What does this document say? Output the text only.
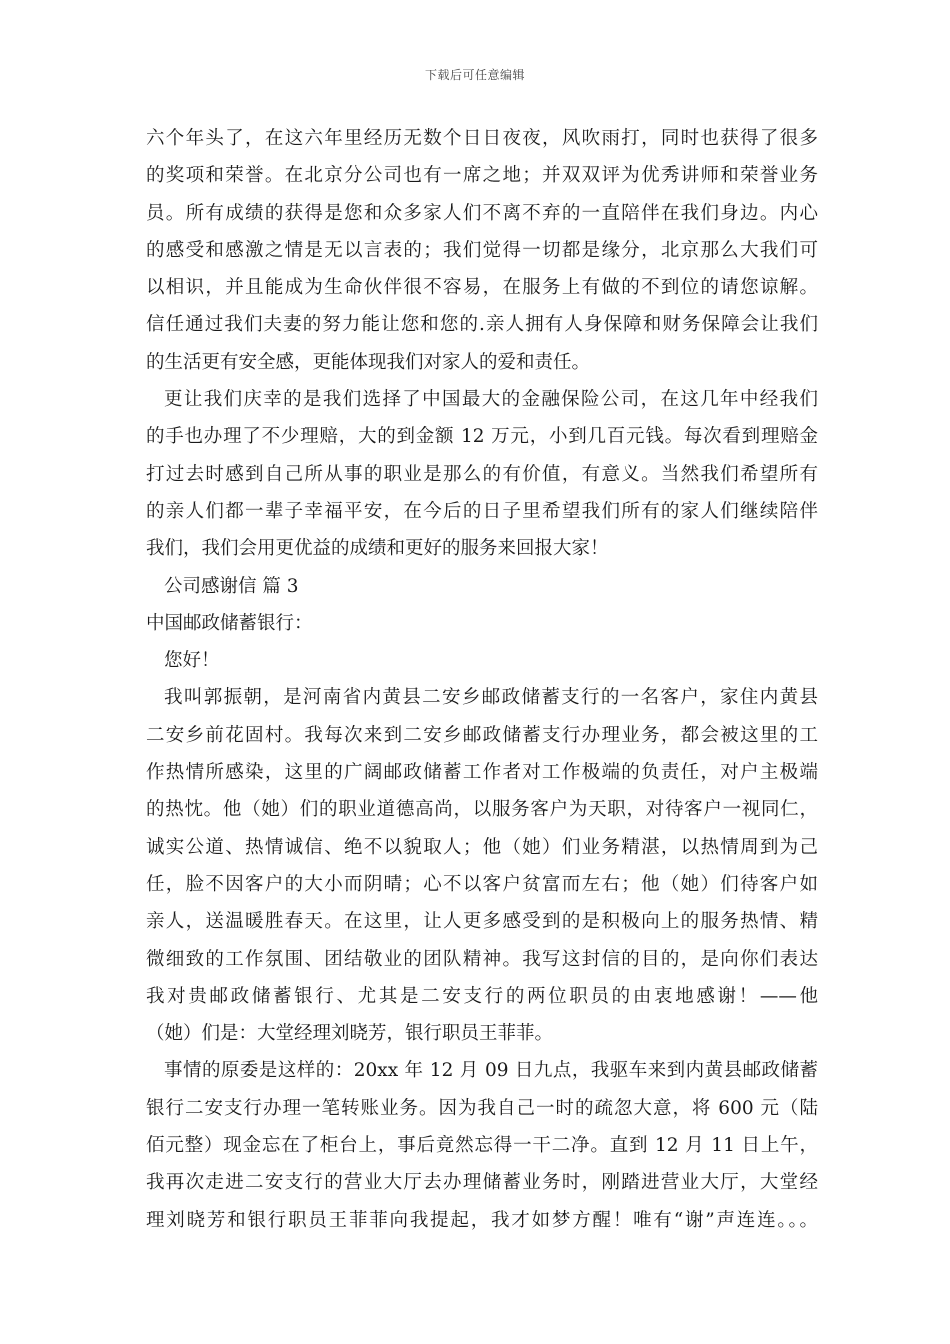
下载后可任意编辑
六个年头了，在这六年里经历无数个日日夜夜，风吹雨打，同时也获得了很多
的奖项和荣誉。在北京分公司也有一席之地；并双双评为优秀讲师和荣誉业务
员。所有成绩的获得是您和众多家人们不离不弃的一直陪伴在我们身边。内心
的感受和感激之情是无以言表的；我们觉得一切都是缘分，北京那么大我们可
以相识，并且能成为生命伙伴很不容易，在服务上有做的不到位的请您谅解。
信任通过我们夫妻的努力能让您和您的.亲人拥有人身保障和财务保障会让我们
的生活更有安全感，更能体现我们对家人的爱和责任。
更让我们庆幸的是我们选择了中国最大的金融保险公司，在这几年中经我们
的手也办理了不少理赔，大的到金额 12 万元，小到几百元钱。每次看到理赔金
打过去时感到自己所从事的职业是那么的有价值，有意义。当然我们希望所有
的亲人们都一辈子幸福平安，在今后的日子里希望我们所有的家人们继续陪伴
我们，我们会用更优益的成绩和更好的服务来回报大家！
公司感谢信 篇 3
中国邮政储蓄银行：
您好！
我叫郭振朝，是河南省内黄县二安乡邮政储蓄支行的一名客户，家住内黄县
二安乡前花固村。我每次来到二安乡邮政储蓄支行办理业务，都会被这里的工
作热情所感染，这里的广阔邮政储蓄工作者对工作极端的负责任，对户主极端
的热忱。他（她）们的职业道德高尚，以服务客户为天职，对待客户一视同仁，
诚实公道、热情诚信、绝不以貌取人；他（她）们业务精湛，以热情周到为己
任，脸不因客户的大小而阴晴；心不以客户贫富而左右；他（她）们待客户如
亲人，送温暖胜春天。在这里，让人更多感受到的是积极向上的服务热情、精
微细致的工作氛围、团结敬业的团队精神。我写这封信的目的，是向你们表达
我对贵邮政储蓄银行、尤其是二安支行的两位职员的由衷地感谢！——他
（她）们是：大堂经理刘晓芳，银行职员王菲菲。
事情的原委是这样的：20xx 年 12 月 09 日九点，我驱车来到内黄县邮政储蓄
银行二安支行办理一笔转账业务。因为我自己一时的疏忽大意，将 600 元（陆
佰元整）现金忘在了柜台上，事后竟然忘得一干二净。直到 12 月 11 日上午，
我再次走进二安支行的营业大厅去办理储蓄业务时，刚踏进营业大厅，大堂经
理刘晓芳和银行职员王菲菲向我提起，我才如梦方醒！唯有“谢”声连连。。。
